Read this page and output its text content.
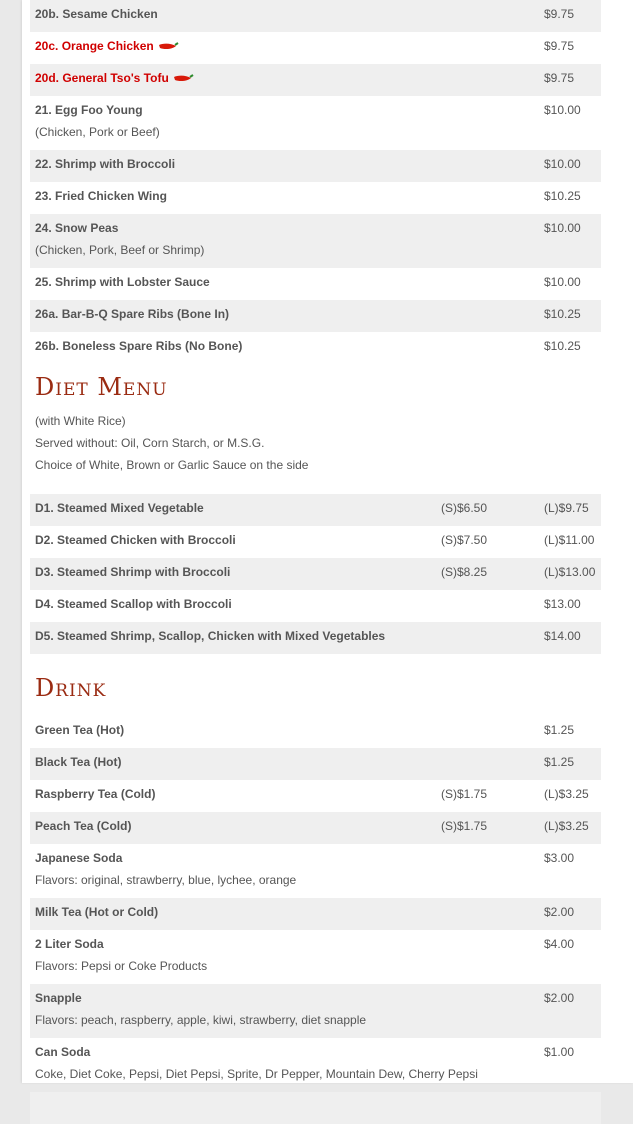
20b. Sesame Chicken	$9.75
20c. Orange Chicken	$9.75
20d. General Tso's Tofu	$9.75
21. Egg Foo Young
(Chicken, Pork or Beef)
$10.00
22. Shrimp with Broccoli	$10.00
23. Fried Chicken Wing	$10.25
24. Snow Peas
(Chicken, Pork, Beef or Shrimp)
$10.00
25. Shrimp with Lobster Sauce	$10.00
26a. Bar-B-Q Spare Ribs (Bone In)	$10.25
26b. Boneless Spare Ribs (No Bone)	$10.25
Diet Menu
(with White Rice)
Served without: Oil, Corn Starch, or M.S.G.
Choice of White, Brown or Garlic Sauce on the side
D1. Steamed Mixed Vegetable	(S)$6.50	(L)$9.75
D2. Steamed Chicken with Broccoli	(S)$7.50	(L)$11.00
D3. Steamed Shrimp with Broccoli	(S)$8.25	(L)$13.00
D4. Steamed Scallop with Broccoli	$13.00
D5. Steamed Shrimp, Scallop, Chicken with Mixed Vegetables	$14.00
Drink
Green Tea (Hot)	$1.25
Black Tea (Hot)	$1.25
Raspberry Tea (Cold)	(S)$1.75	(L)$3.25
Peach Tea (Cold)	(S)$1.75	(L)$3.25
Japanese Soda
Flavors: original, strawberry, blue, lychee, orange
$3.00
Milk Tea (Hot or Cold)	$2.00
2 Liter Soda
Flavors: Pepsi or Coke Products
$4.00
Snapple
Flavors: peach, raspberry, apple, kiwi, strawberry, diet snapple
$2.00
Can Soda
Coke, Diet Coke, Pepsi, Diet Pepsi, Sprite, Dr Pepper, Mountain Dew, Cherry Pepsi
$1.00
